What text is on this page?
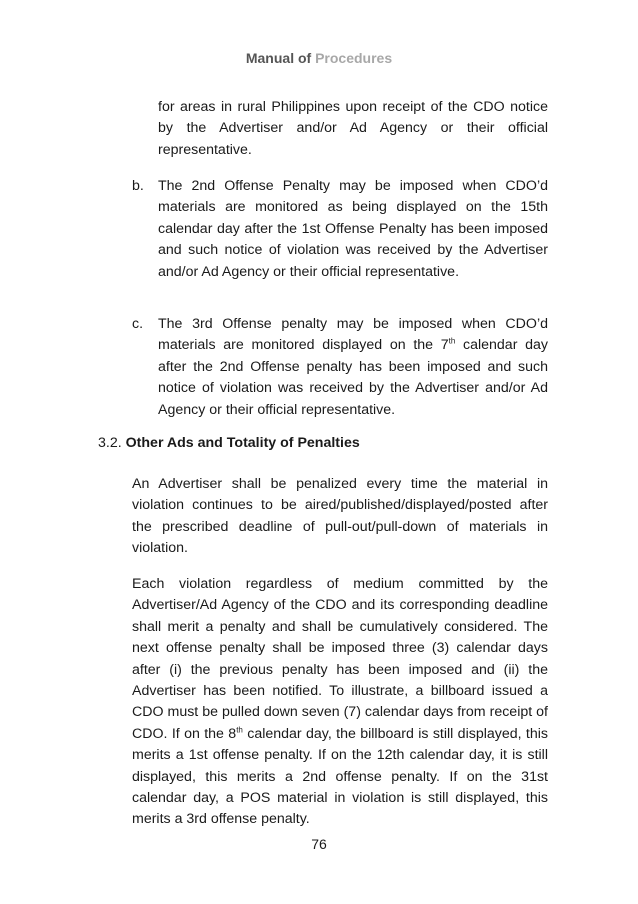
Manual of Procedures
for areas in rural Philippines upon receipt of the CDO notice by the Advertiser and/or Ad Agency or their official representative.
b. The 2nd Offense Penalty may be imposed when CDO’d materials are monitored as being displayed on the 15th calendar day after the 1st Offense Penalty has been imposed and such notice of violation was received by the Advertiser and/or Ad Agency or their official representative.
c. The 3rd Offense penalty may be imposed when CDO’d materials are monitored displayed on the 7th calendar day after the 2nd Offense penalty has been imposed and such notice of violation was received by the Advertiser and/or Ad Agency or their official representative.
3.2. Other Ads and Totality of Penalties
An Advertiser shall be penalized every time the material in violation continues to be aired/published/displayed/posted after the prescribed deadline of pull-out/pull-down of materials in violation.
Each violation regardless of medium committed by the Advertiser/Ad Agency of the CDO and its corresponding deadline shall merit a penalty and shall be cumulatively considered. The next offense penalty shall be imposed three (3) calendar days after (i) the previous penalty has been imposed and (ii) the Advertiser has been notified. To illustrate, a billboard issued a CDO must be pulled down seven (7) calendar days from receipt of CDO. If on the 8th calendar day, the billboard is still displayed, this merits a 1st offense penalty. If on the 12th calendar day, it is still displayed, this merits a 2nd offense penalty. If on the 31st calendar day, a POS material in violation is still displayed, this merits a 3rd offense penalty.
76
